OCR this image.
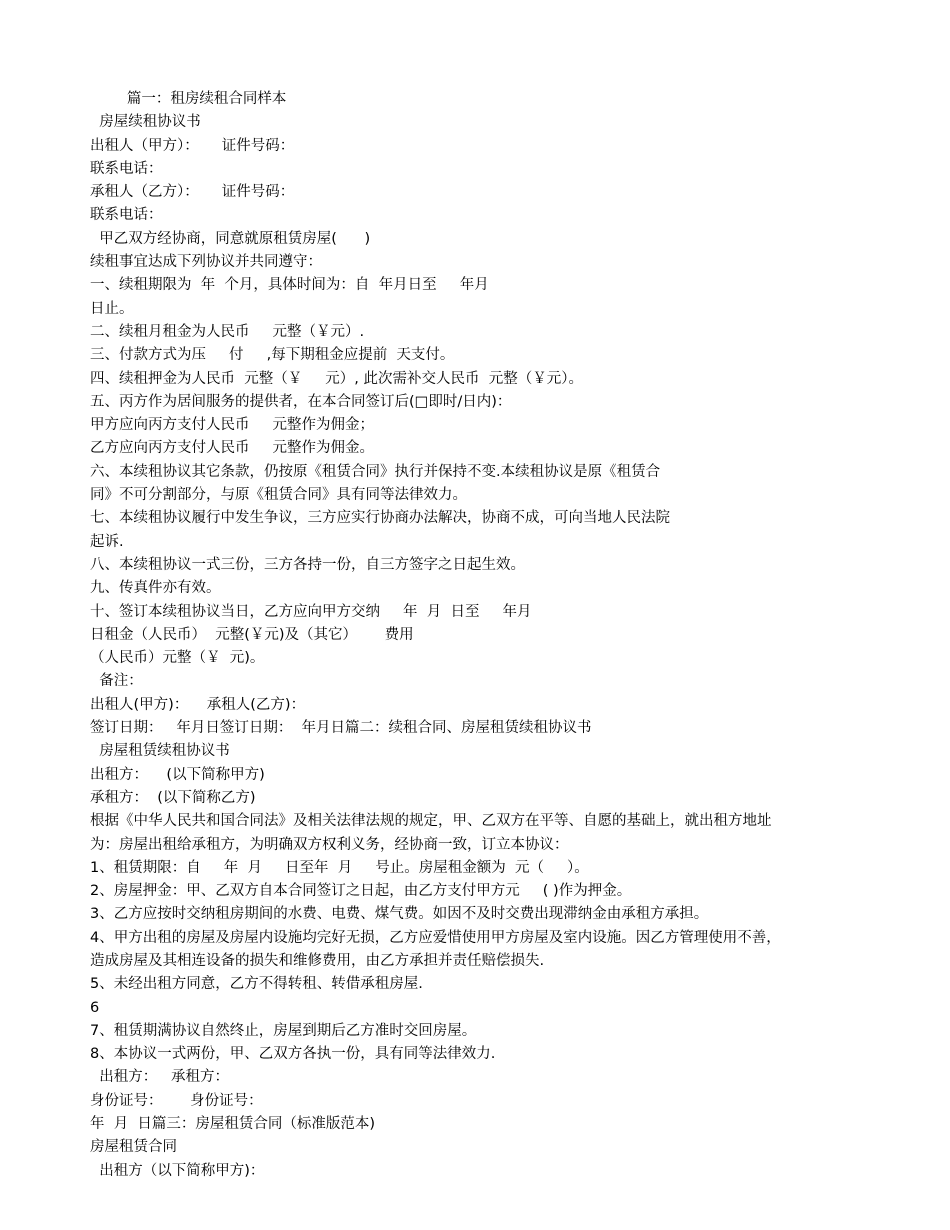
篇一：租房续租合同样本
房屋续租协议书
出租人（甲方）：     证件号码：
联系电话：
承租人（乙方）：     证件号码：
联系电话：
甲乙双方经协商，同意就原租赁房屋(      )
续租事宜达成下列协议并共同遵守：
一、续租期限为  年  个月，具体时间为：自  年月日至     年月
日止。
二、续租月租金为人民币     元整（￥元）.
三、付款方式为压     付     ,每下期租金应提前  天支付。
四、续租押金为人民币  元整（￥     元）, 此次需补交人民币  元整（￥元）。
五、丙方作为居间服务的提供者，在本合同签订后(□即时/日内)：
甲方应向丙方支付人民币     元整作为佣金；
乙方应向丙方支付人民币     元整作为佣金。
六、本续租协议其它条款，仍按原《租赁合同》执行并保持不变.本续租协议是原《租赁合
同》不可分割部分，与原《租赁合同》具有同等法律效力。
七、本续租协议履行中发生争议，三方应实行协商办法解决，协商不成，可向当地人民法院
起诉.
八、本续租协议一式三份，三方各持一份，自三方签字之日起生效。
九、传真件亦有效。
十、签订本续租协议当日，乙方应向甲方交纳     年  月  日至     年月
日租金（人民币）  元整(￥元)及（其它）      费用
（人民币）元整（￥  元)。
备注：
出租人(甲方)：    承租人(乙方)：
签订日期：   年月日签订日期：  年月日篇二：续租合同、房屋租赁续租协议书
房屋租赁续租协议书
出租方：    (以下简称甲方)
承租方：  (以下简称乙方)
根据《中华人民共和国合同法》及相关法律法规的规定，甲、乙双方在平等、自愿的基础上，就出租方地址
为：房屋出租给承租方，为明确双方权利义务，经协商一致，订立本协议：
1、租赁期限：自     年  月     日至年  月     号止。房屋租金额为  元（     ）。
2、房屋押金：甲、乙双方自本合同签订之日起，由乙方支付甲方元     ( )作为押金。
3、乙方应按时交纳租房期间的水费、电费、煤气费。如因不及时交费出现滞纳金由承租方承担。
4、甲方出租的房屋及房屋内设施均完好无损，乙方应爱惜使用甲方房屋及室内设施。因乙方管理使用不善，
造成房屋及其相连设备的损失和维修费用，由乙方承担并责任赔偿损失.
5、未经出租方同意，乙方不得转租、转借承租房屋.
6
7、租赁期满协议自然终止，房屋到期后乙方准时交回房屋。
8、本协议一式两份，甲、乙双方各执一份，具有同等法律效力.
出租方：   承租方：
身份证号：      身份证号：
年  月  日篇三：房屋租赁合同（标准版范本)
房屋租赁合同
出租方（以下简称甲方)：
